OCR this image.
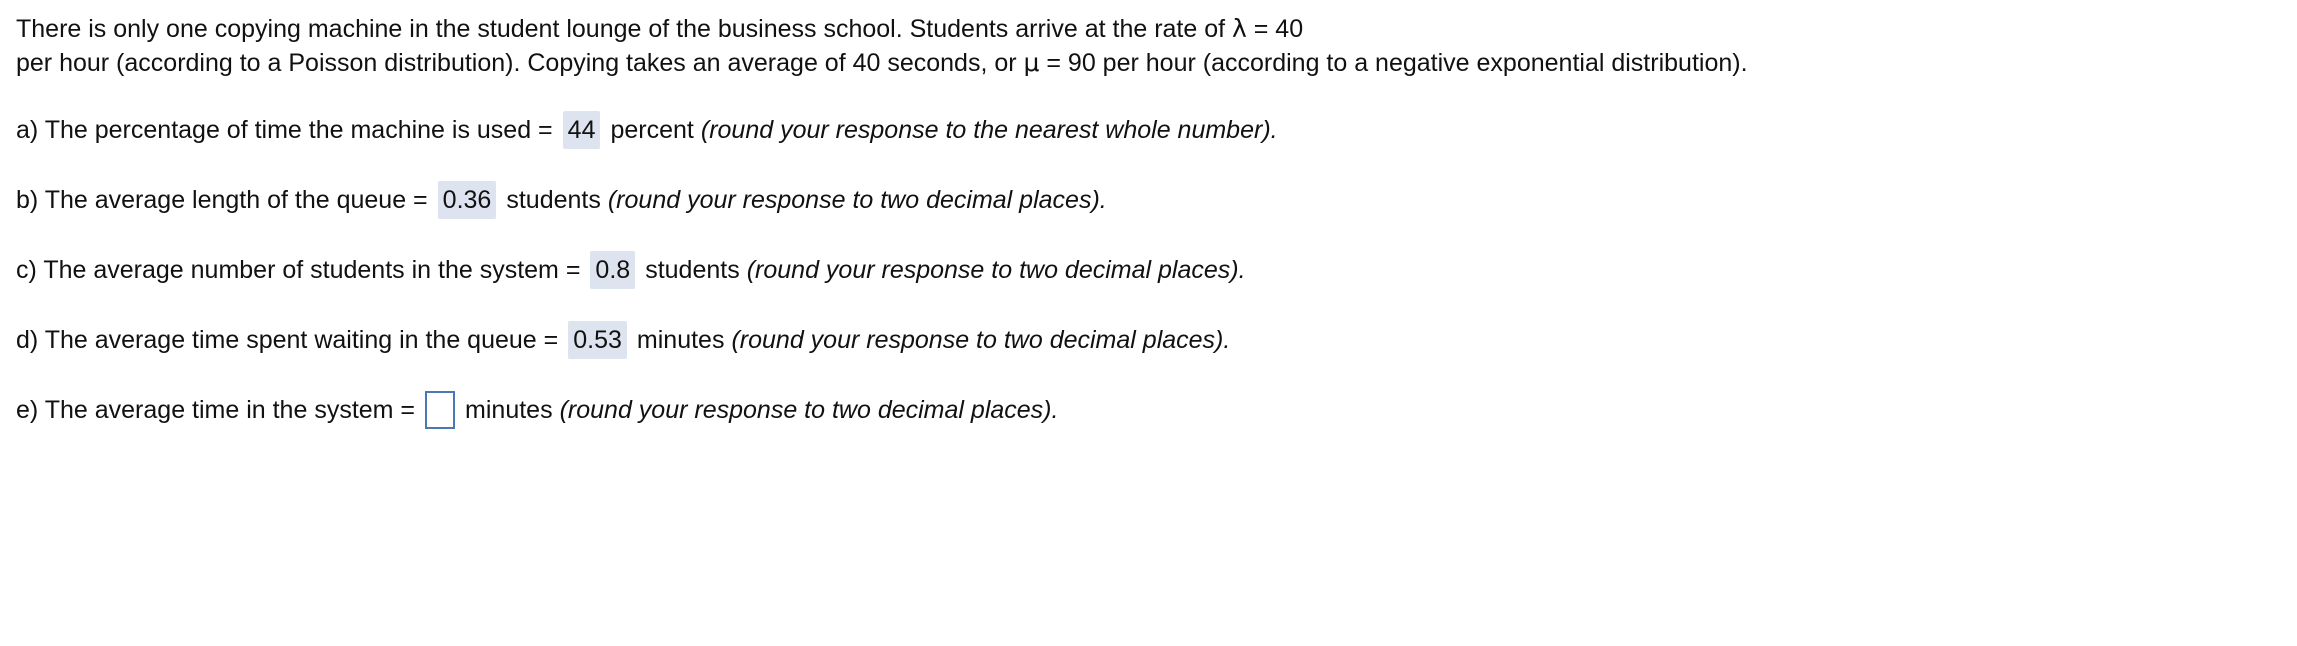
There is only one copying machine in the student lounge of the business school. Students arrive at the rate of λ = 40
per hour (according to a Poisson distribution). Copying takes an average of 40 seconds, or μ = 90 per hour (according to a negative exponential distribution).
a) The percentage of time the machine is used = 44 percent (round your response to the nearest whole number).
b) The average length of the queue = 0.36 students (round your response to two decimal places).
c) The average number of students in the system = 0.8 students (round your response to two decimal places).
d) The average time spent waiting in the queue = 0.53 minutes (round your response to two decimal places).
e) The average time in the system = minutes (round your response to two decimal places).
